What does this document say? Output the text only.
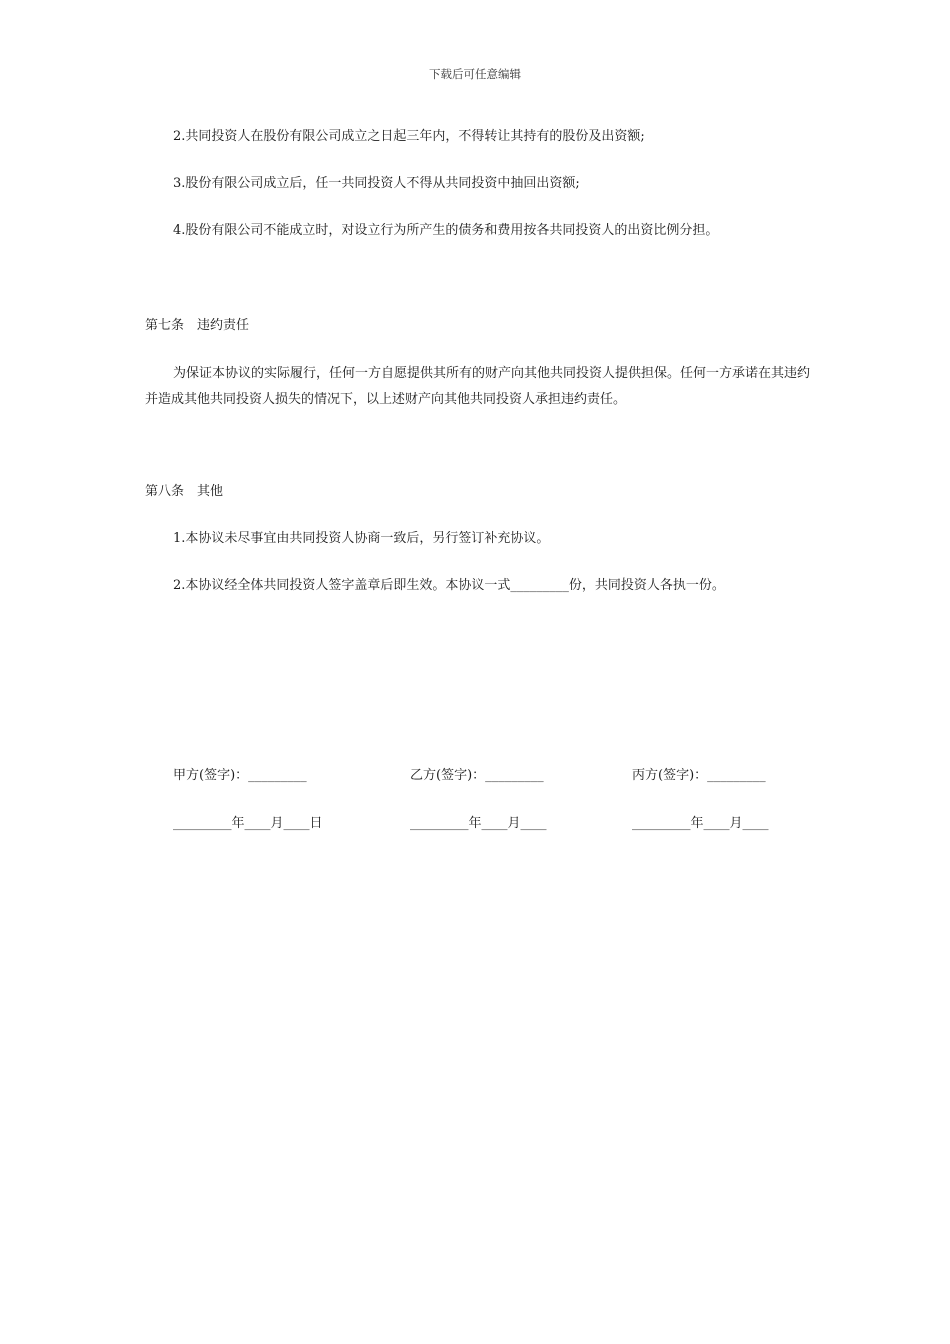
下载后可任意编辑
2.共同投资人在股份有限公司成立之日起三年内，不得转让其持有的股份及出资额;
3.股份有限公司成立后，任一共同投资人不得从共同投资中抽回出资额;
4.股份有限公司不能成立时，对设立行为所产生的债务和费用按各共同投资人的出资比例分担。
第七条　违约责任
为保证本协议的实际履行，任何一方自愿提供其所有的财产向其他共同投资人提供担保。任何一方承诺在其违约并造成其他共同投资人损失的情况下，以上述财产向其他共同投资人承担违约责任。
第八条　其他
1.本协议未尽事宜由共同投资人协商一致后，另行签订补充协议。
2.本协议经全体共同投资人签字盖章后即生效。本协议一式_________份，共同投资人各执一份。
甲方(签字)：_________	乙方(签字)：_________	丙方(签字)：_________
_________年____月____日	_________年____月____	_________年____月____
